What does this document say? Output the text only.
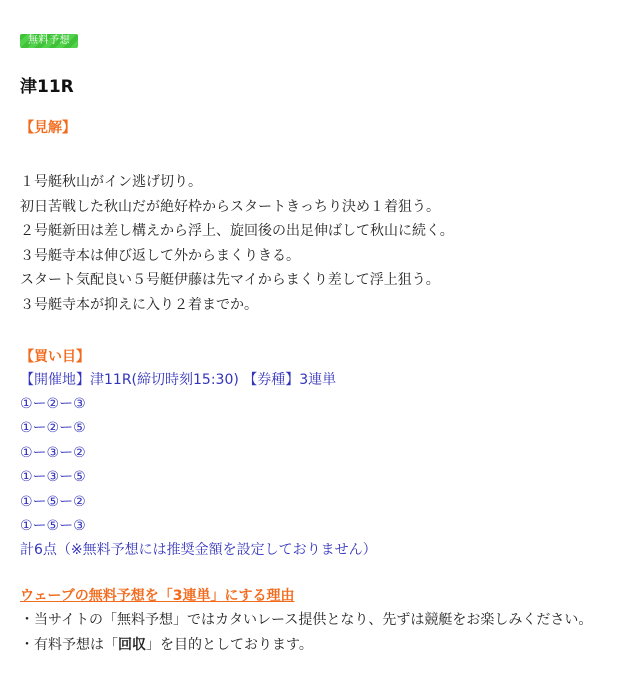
無料予想
津11R
【見解】
１号艇秋山がイン逃げ切り。
初日苦戦した秋山だが絶好枠からスタートきっちり決め１着狙う。
２号艇新田は差し構えから浮上、旋回後の出足伸ばして秋山に続く。
３号艇寺本は伸び返して外からまくりきる。
スタート気配良い５号艇伊藤は先マイからまくり差して浮上狙う。
３号艇寺本が抑えに入り２着までか。
【買い目】
【開催地】津11R(締切時刻15:30) 【券種】3連単
①ー②ー③
①ー②ー⑤
①ー③ー②
①ー③ー⑤
①ー⑤ー②
①ー⑤ー③
計6点（※無料予想には推奨金額を設定しておりません）
ウェーブの無料予想を「3連単」にする理由
・当サイトの「無料予想」ではカタいレース提供となり、先ずは競艇をお楽しみください。
・有料予想は「回収」を目的としております。
